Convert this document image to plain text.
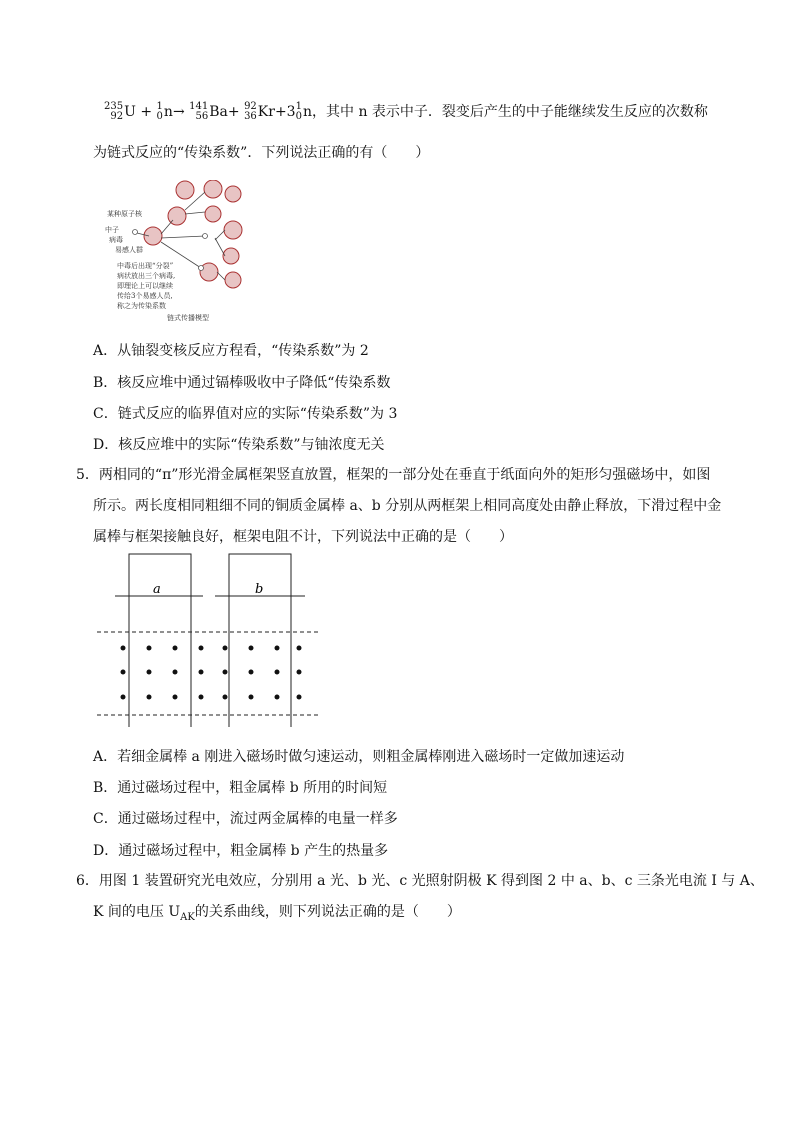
235
92 U + 1
0 n→ 141
56 Ba+ 92
36 Kr+3 1
0 n，其中 n 表示中子．裂变后产生的中子能继续发生反应的次数称
为链式反应的“传染系数”．下列说法正确的有（　　）
某种原子核
中子
病毒
易感人群
中毒后出现“分裂”
病状放出三个病毒,
即理论上可以继续
传给3个易感人员,
称之为传染系数
链式传播模型
A．从铀裂变核反应方程看，“传染系数”为 2
B．核反应堆中通过镉棒吸收中子降低“传染系数
C．链式反应的临界值对应的实际“传染系数”为 3
D．核反应堆中的实际“传染系数”与铀浓度无关
5．两相同的“π”形光滑金属框架竖直放置，框架的一部分处在垂直于纸面向外的矩形匀强磁场中，如图
所示。两长度相同粗细不同的铜质金属棒 a、b 分别从两框架上相同高度处由静止释放，下滑过程中金
属棒与框架接触良好，框架电阻不计，下列说法中正确的是（　　）
a	b
A．若细金属棒 a 刚进入磁场时做匀速运动，则粗金属棒刚进入磁场时一定做加速运动
B．通过磁场过程中，粗金属棒 b 所用的时间短
C．通过磁场过程中，流过两金属棒的电量一样多
D．通过磁场过程中，粗金属棒 b 产生的热量多
6．用图 1 装置研究光电效应，分别用 a 光、b 光、c 光照射阴极 K 得到图 2 中 a、b、c 三条光电流 I 与 A、
K 间的电压 $U_{AK}$的关系曲线，则下列说法正确的是（　　）
